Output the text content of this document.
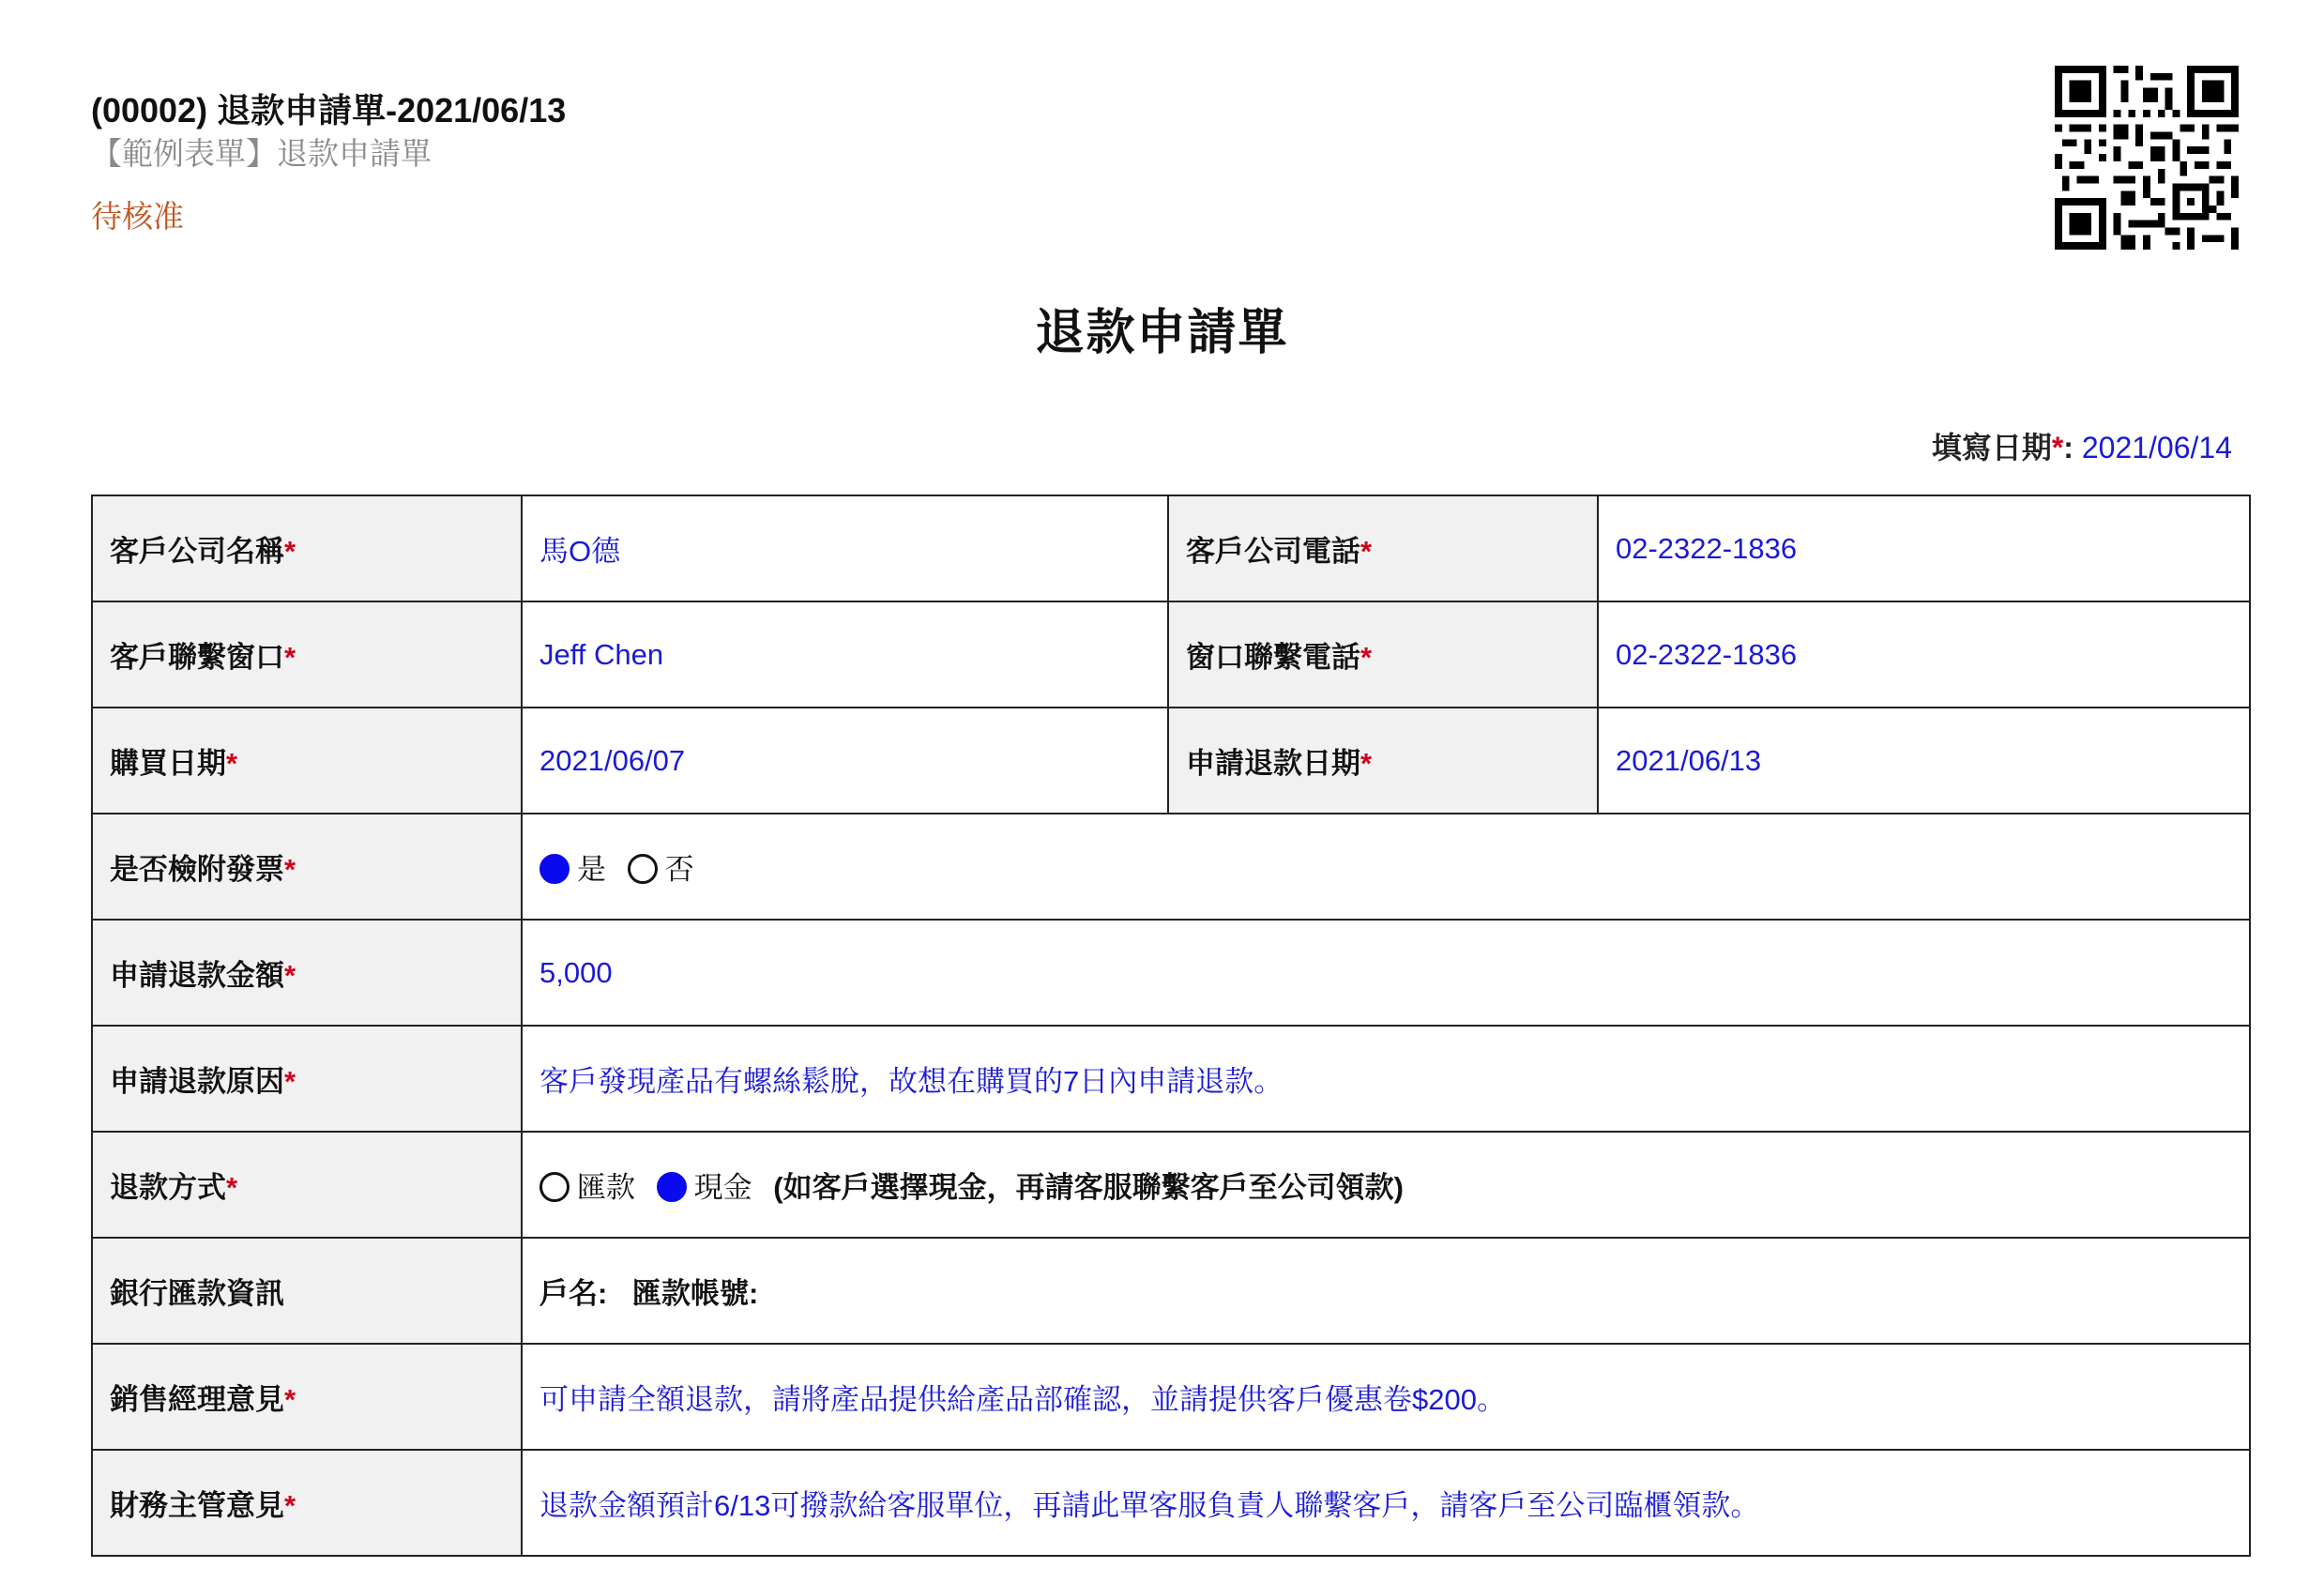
(00002) 退款申請單-2021/06/13
【範例表單】退款申請單
待核准
退款申請單
填寫日期*: 2021/06/14
客戶公司名稱*	馬O德	客戶公司電話*	02-2322-1836
客戶聯繫窗口*	Jeff Chen	窗口聯繫電話*	02-2322-1836
購買日期*	2021/06/07	申請退款日期*	2021/06/13
是否檢附發票*	是 否		
申請退款金額*	5,000		
申請退款原因*	客戶發現產品有螺絲鬆脫，故想在購買的7日內申請退款。		
退款方式*	匯款 現金 (如客戶選擇現金，再請客服聯繫客戶至公司領款)		
銀行匯款資訊	戶名: 匯款帳號:		
銷售經理意見*	可申請全額退款，請將產品提供給產品部確認，並請提供客戶優惠卷$200。		
財務主管意見*	退款金額預計6/13可撥款給客服單位，再請此單客服負責人聯繫客戶，請客戶至公司臨櫃領款。		
